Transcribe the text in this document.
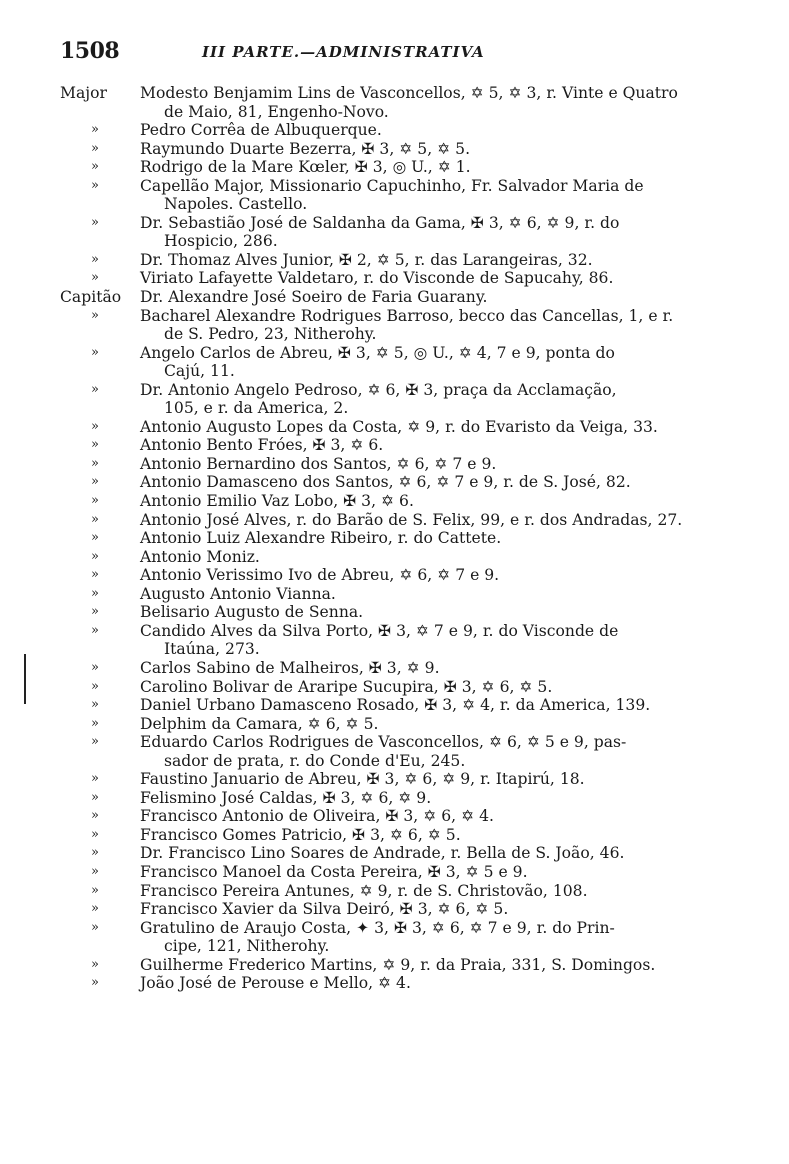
1508	III PARTE.—ADMINISTRATIVA
Major Modesto Benjamim Lins de Vasconcellos, ✡ 5, ✡ 3, r. Vinte e Quatro
de Maio, 81, Engenho-Novo.
»	Pedro Corrêa de Albuquerque.
»	Raymundo Duarte Bezerra, ✠ 3, ✡ 5, ✡ 5.
»	Rodrigo de la Mare Kœler, ✠ 3, ◎ U., ✡ 1.
»	Capellão Major, Missionario Capuchinho, Fr. Salvador Maria de
Napoles. Castello.
»	Dr. Sebastião José de Saldanha da Gama, ✠ 3, ✡ 6, ✡ 9, r. do
Hospicio, 286.
»	Dr. Thomaz Alves Junior, ✠ 2, ✡ 5, r. das Larangeiras, 32.
»	Viriato Lafayette Valdetaro, r. do Visconde de Sapucahy, 86.
Capitão Dr. Alexandre José Soeiro de Faria Guarany.
»	Bacharel Alexandre Rodrigues Barroso, becco das Cancellas, 1, e r.
de S. Pedro, 23, Nitherohy.
»	Angelo Carlos de Abreu, ✠ 3, ✡ 5, ◎ U., ✡ 4, 7 e 9, ponta do
Cajú, 11.
»	Dr. Antonio Angelo Pedroso, ✡ 6, ✠ 3, praça da Acclamação,
105, e r. da America, 2.
»	Antonio Augusto Lopes da Costa, ✡ 9, r. do Evaristo da Veiga, 33.
»	Antonio Bento Fróes, ✠ 3, ✡ 6.
»	Antonio Bernardino dos Santos, ✡ 6, ✡ 7 e 9.
»	Antonio Damasceno dos Santos, ✡ 6, ✡ 7 e 9, r. de S. José, 82.
»	Antonio Emilio Vaz Lobo, ✠ 3, ✡ 6.
»	Antonio José Alves, r. do Barão de S. Felix, 99, e r. dos Andradas, 27.
»	Antonio Luiz Alexandre Ribeiro, r. do Cattete.
»	Antonio Moniz.
»	Antonio Verissimo Ivo de Abreu, ✡ 6, ✡ 7 e 9.
»	Augusto Antonio Vianna.
»	Belisario Augusto de Senna.
»	Candido Alves da Silva Porto, ✠ 3, ✡ 7 e 9, r. do Visconde de
Itaúna, 273.
»	Carlos Sabino de Malheiros, ✠ 3, ✡ 9.
»	Carolino Bolivar de Araripe Sucupira, ✠ 3, ✡ 6, ✡ 5.
»	Daniel Urbano Damasceno Rosado, ✠ 3, ✡ 4, r. da America, 139.
»	Delphim da Camara, ✡ 6, ✡ 5.
»	Eduardo Carlos Rodrigues de Vasconcellos, ✡ 6, ✡ 5 e 9, pas-
sador de prata, r. do Conde d'Eu, 245.
»	Faustino Januario de Abreu, ✠ 3, ✡ 6, ✡ 9, r. Itapirú, 18.
»	Felismino José Caldas, ✠ 3, ✡ 6, ✡ 9.
»	Francisco Antonio de Oliveira, ✠ 3, ✡ 6, ✡ 4.
»	Francisco Gomes Patricio, ✠ 3, ✡ 6, ✡ 5.
»	Dr. Francisco Lino Soares de Andrade, r. Bella de S. João, 46.
»	Francisco Manoel da Costa Pereira, ✠ 3, ✡ 5 e 9.
»	Francisco Pereira Antunes, ✡ 9, r. de S. Christovão, 108.
»	Francisco Xavier da Silva Deiró, ✠ 3, ✡ 6, ✡ 5.
»	Gratulino de Araujo Costa, ✦ 3, ✠ 3, ✡ 6, ✡ 7 e 9, r. do Prin-
cipe, 121, Nitherohy.
»	Guilherme Frederico Martins, ✡ 9, r. da Praia, 331, S. Domingos.
»	João José de Perouse e Mello, ✡ 4.
